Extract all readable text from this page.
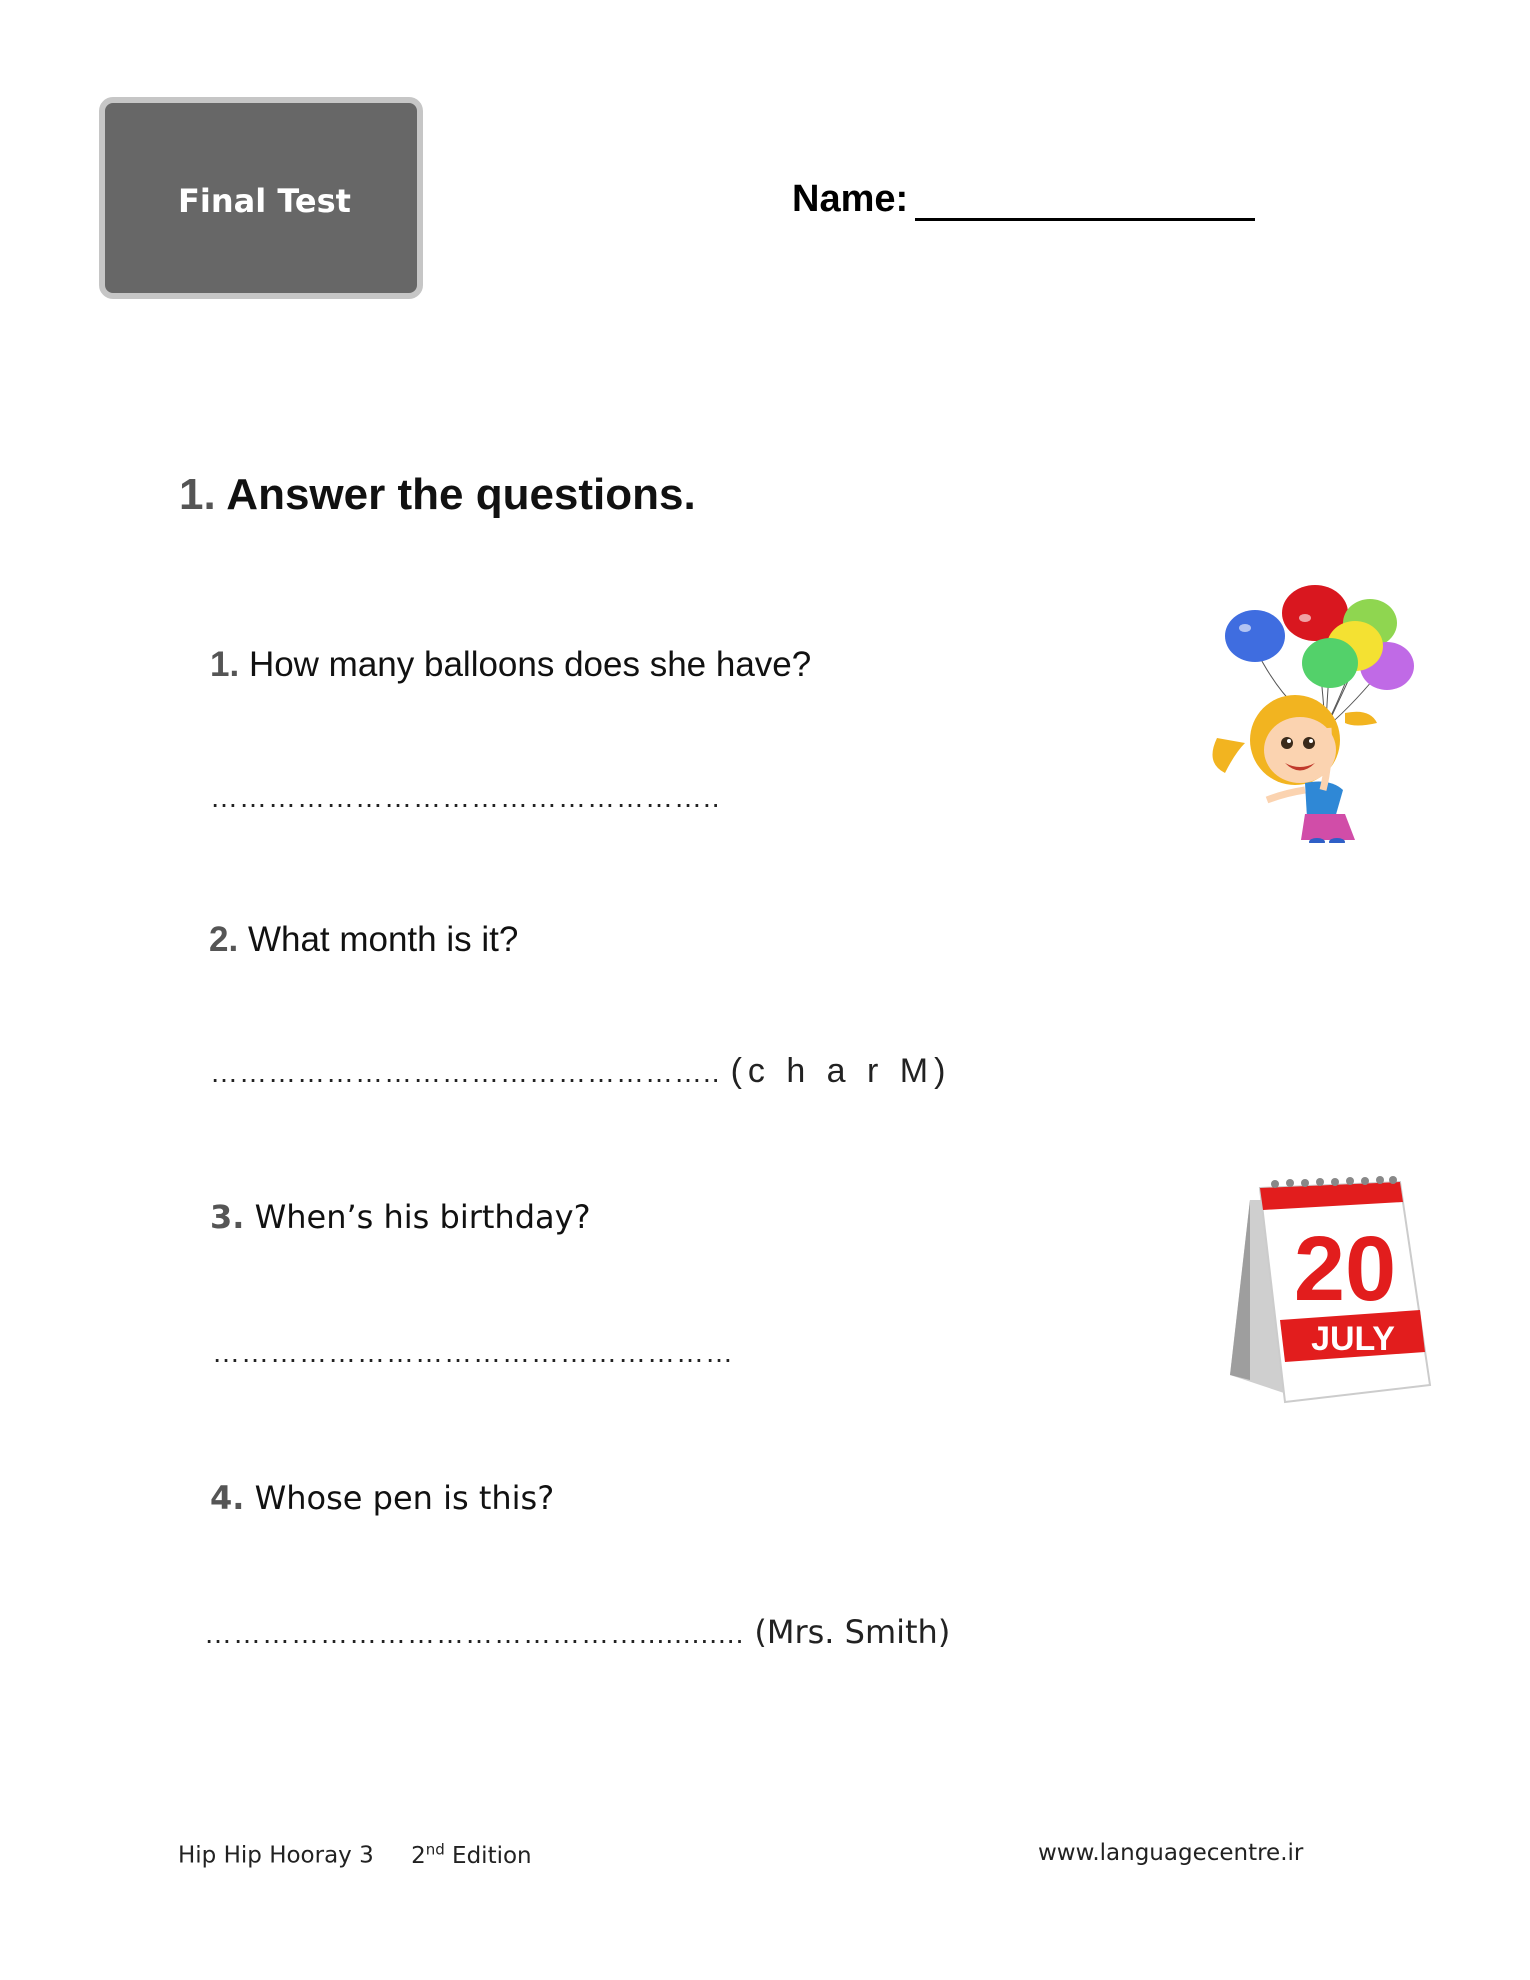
Final Test	Name:
1. Answer the questions.
1. How many balloons does she have?
……………………………………………..
2. What month is it?
…………………………………………….. (c h a r M)
3. When’s his birthday?
………………………………………………
4. Whose pen is this?
………………………………………............ (Mrs. Smith)
20
JULY
Hip Hip Hooray 3 2nd Edition	www.languagecentre.ir
